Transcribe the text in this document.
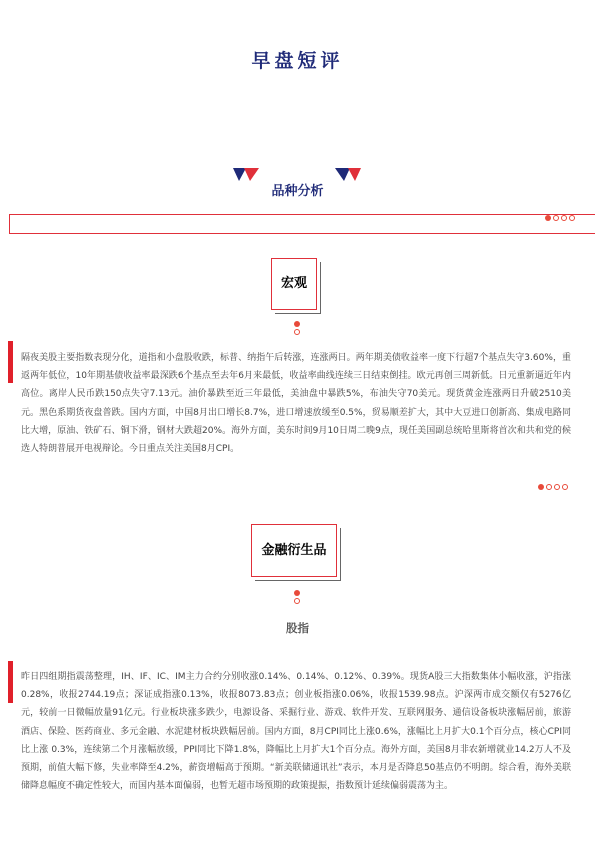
早盘短评
品种分析
宏观

隔夜美股主要指数表现分化，道指和小盘股收跌，标普、纳指午后转涨，连涨两日。两年期美债收益率一度下行超7个基点失守3.60%，重返两年低位，10年期基债收益率最深跌6个基点至去年6月来最低，收益率曲线连续三日结束倒挂。欧元再创三周新低。日元重新逼近年内高位。离岸人民币跌150点失守7.13元。油价暴跌至近三年最低，美油盘中暴跌5%，布油失守70美元。现货黄金连涨两日升破2510美元。黑色系期货夜盘普跌。国内方面，中国8月出口增长8.7%，进口增速放缓至0.5%，贸易顺差扩大，其中大豆进口创新高、集成电路同比大增，原油、铁矿石、铜下滑，钢材大跌超20%。海外方面，美东时间9月10日周二晚9点，现任美国副总统哈里斯将首次和共和党的候选人特朗普展开电视辩论。今日重点关注美国8月CPI。

金融衍生品
股指

昨日四组期指震荡整理，IH、IF、IC、IM主力合约分别收涨0.14%、0.14%、0.12%、0.39%。现货A股三大指数集体小幅收涨，沪指涨0.28%，收报2744.19点；深证成指涨0.13%，收报8073.83点；创业板指涨0.06%，收报1539.98点。沪深两市成交额仅有5276亿元，较前一日微幅放量91亿元。行业板块涨多跌少，电源设备、采掘行业、游戏、软件开发、互联网服务、通信设备板块涨幅居前，旅游酒店、保险、医药商业、多元金融、水泥建材板块跌幅居前。国内方面，8月CPI同比上涨0.6%，涨幅比上月扩大0.1个百分点，核心CPI同比上涨 0.3%，连续第二个月涨幅放缓，PPI同比下降1.8%，降幅比上月扩大1个百分点。海外方面，美国8月非农新增就业14.2万人不及预期，前值大幅下修，失业率降至4.2%，薪资增幅高于预期。“新美联储通讯社”表示，本月是否降息50基点仍不明朗。综合看，海外美联储降息幅度不确定性较大，而国内基本面偏弱，也暂无超市场预期的政策提振，指数预计延续偏弱震荡为主。
